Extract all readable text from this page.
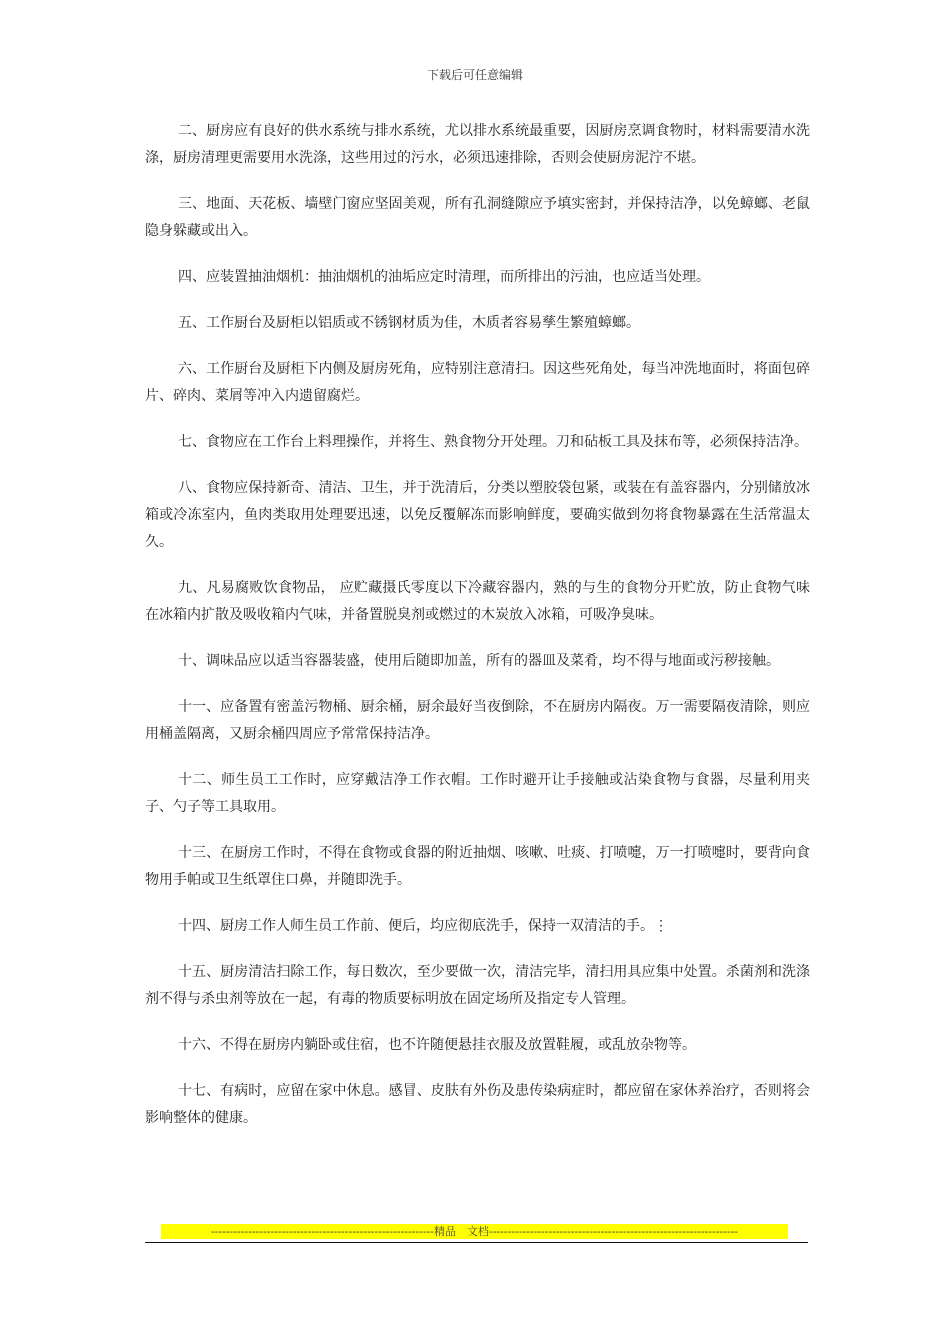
下载后可任意编辑

二、厨房应有良好的供水系统与排水系统，尤以排水系统最重要，因厨房烹调食物时，材料需要清水洗涤，厨房清理更需要用水洗涤，这些用过的污水，必须迅速排除，否则会使厨房泥泞不堪。

三、地面、天花板、墙壁门窗应坚固美观，所有孔洞缝隙应予填实密封，并保持洁净，以免蟑螂、老鼠隐身躲藏或出入。

四、应装置抽油烟机：抽油烟机的油垢应定时清理，而所排出的污油，也应适当处理。

五、工作厨台及厨柜以铝质或不锈钢材质为佳，木质者容易孳生繁殖蟑螂。

六、工作厨台及厨柜下内侧及厨房死角，应特别注意清扫。因这些死角处，每当冲洗地面时，将面包碎片、碎肉、菜屑等冲入内遗留腐烂。

七、食物应在工作台上料理操作，并将生、熟食物分开处理。刀和砧板工具及抹布等，必须保持洁净。

八、食物应保持新奇、清洁、卫生，并于洗清后，分类以塑胶袋包紧，或装在有盖容器内，分别储放冰箱或冷冻室内，鱼肉类取用处理要迅速，以免反覆解冻而影响鲜度，要确实做到勿将食物暴露在生活常温太久。

九、凡易腐败饮食物品， 应贮藏摄氏零度以下冷藏容器内，熟的与生的食物分开贮放，防止食物气味在冰箱内扩散及吸收箱内气味，并备置脱臭剂或燃过的木炭放入冰箱，可吸净臭味。

十、调味品应以适当容器装盛，使用后随即加盖，所有的器皿及菜肴，均不得与地面或污秽接触。

十一、应备置有密盖污物桶、厨余桶，厨余最好当夜倒除，不在厨房内隔夜。万一需要隔夜清除，则应用桶盖隔离，又厨余桶四周应予常常保持洁净。

十二、师生员工工作时，应穿戴洁净工作衣帽。工作时避开让手接触或沾染食物与食器，尽量利用夹子、勺子等工具取用。

十三、在厨房工作时，不得在食物或食器的附近抽烟、咳嗽、吐痰、打喷嚏，万一打喷嚏时，要背向食物用手帕或卫生纸罩住口鼻，并随即洗手。

十四、厨房工作人师生员工作前、便后，均应彻底洗手，保持一双清洁的手。⋮

十五、厨房清洁扫除工作，每日数次，至少要做一次，清洁完毕，清扫用具应集中处置。杀菌剂和洗涤剂不得与杀虫剂等放在一起，有毒的物质要标明放在固定场所及指定专人管理。

十六、不得在厨房内躺卧或住宿，也不许随便悬挂衣服及放置鞋履，或乱放杂物等。

十七、有病时，应留在家中休息。感冒、皮肤有外伤及患传染病症时，都应留在家休养治疗，否则将会影响整体的健康。

------------------------------------------------------------精品　文档-------------------------------------------------------------------
